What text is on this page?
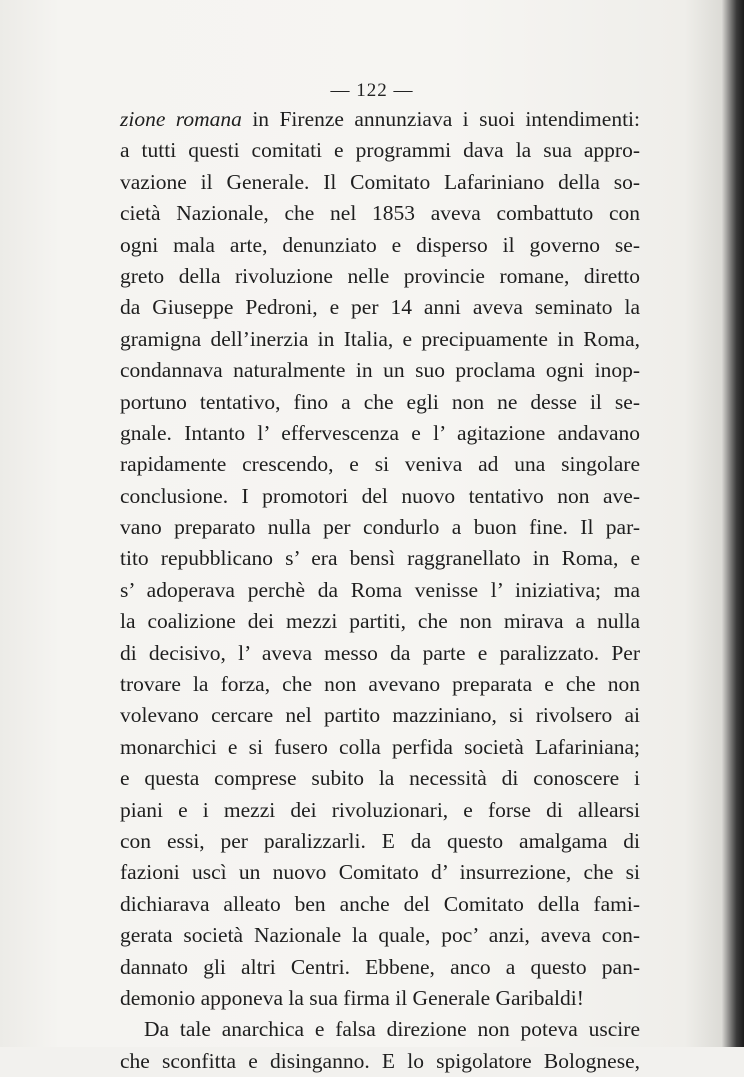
— 122 —
zione romana in Firenze annunziava i suoi intendimenti:
a tutti questi comitati e programmi dava la sua appro-
vazione il Generale. Il Comitato Lafariniano della so-
cietà Nazionale, che nel 1853 aveva combattuto con
ogni mala arte, denunziato e disperso il governo se-
greto della rivoluzione nelle provincie romane, diretto
da Giuseppe Pedroni, e per 14 anni aveva seminato la
gramigna dell’inerzia in Italia, e precipuamente in Roma,
condannava naturalmente in un suo proclama ogni inop-
portuno tentativo, fino a che egli non ne desse il se-
gnale. Intanto l’ effervescenza e l’ agitazione andavano
rapidamente crescendo, e si veniva ad una singolare
conclusione. I promotori del nuovo tentativo non ave-
vano preparato nulla per condurlo a buon fine. Il par-
tito repubblicano s’ era bensì raggranellato in Roma, e
s’ adoperava perchè da Roma venisse l’ iniziativa; ma
la coalizione dei mezzi partiti, che non mirava a nulla
di decisivo, l’ aveva messo da parte e paralizzato. Per
trovare la forza, che non avevano preparata e che non
volevano cercare nel partito mazziniano, si rivolsero ai
monarchici e si fusero colla perfida società Lafariniana;
e questa comprese subito la necessità di conoscere i
piani e i mezzi dei rivoluzionari, e forse di allearsi
con essi, per paralizzarli. E da questo amalgama di
fazioni uscì un nuovo Comitato d’ insurrezione, che si
dichiarava alleato ben anche del Comitato della fami-
gerata società Nazionale la quale, poc’ anzi, aveva con-
dannato gli altri Centri. Ebbene, anco a questo pan-
demonio apponeva la sua firma il Generale Garibaldi!
Da tale anarchica e falsa direzione non poteva uscire
che sconfitta e disinganno. E lo spigolatore Bolognese,
